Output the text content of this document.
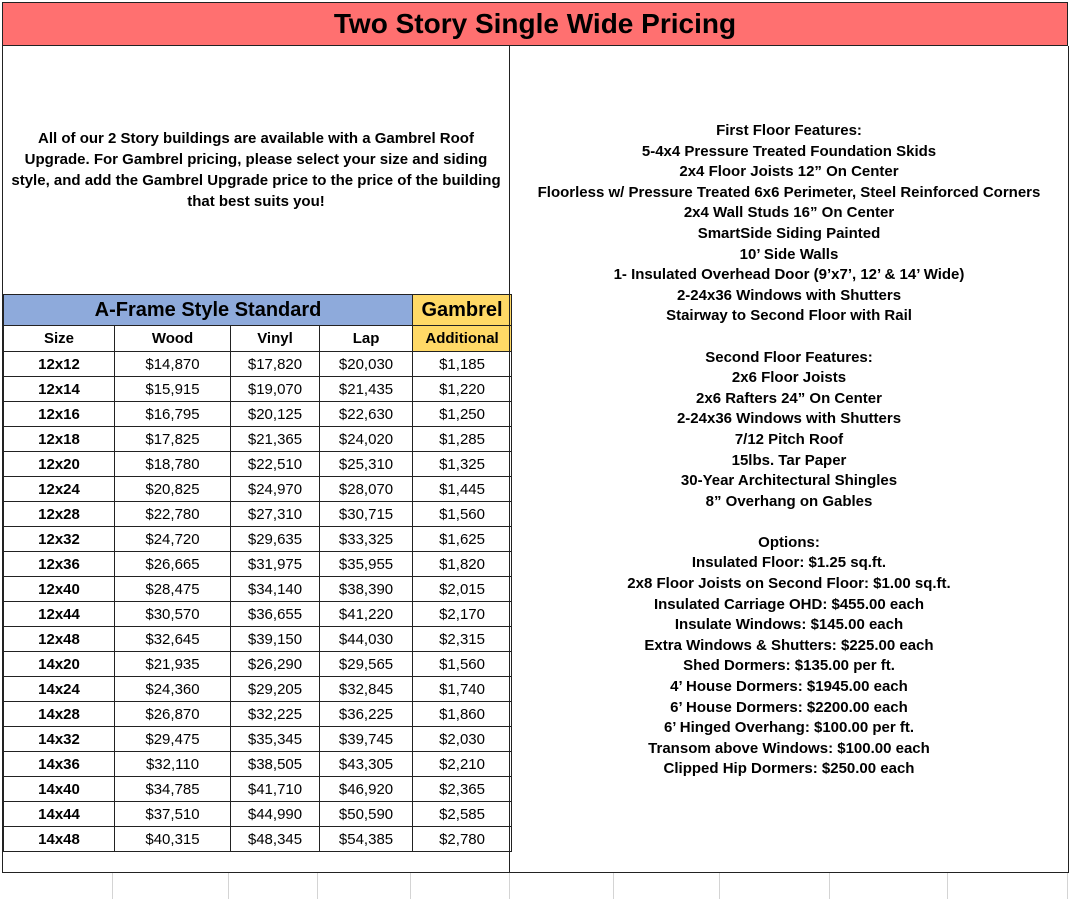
Two Story Single Wide Pricing
All of our 2 Story buildings are available with a Gambrel Roof Upgrade. For Gambrel pricing, please select your size and siding style, and add the Gambrel Upgrade price to the price of the building that best suits you!
A-Frame Style Standard				Gambrel
Size	Wood	Vinyl	Lap	Additional
12x12	$14,870	$17,820	$20,030	$1,185
12x14	$15,915	$19,070	$21,435	$1,220
12x16	$16,795	$20,125	$22,630	$1,250
12x18	$17,825	$21,365	$24,020	$1,285
12x20	$18,780	$22,510	$25,310	$1,325
12x24	$20,825	$24,970	$28,070	$1,445
12x28	$22,780	$27,310	$30,715	$1,560
12x32	$24,720	$29,635	$33,325	$1,625
12x36	$26,665	$31,975	$35,955	$1,820
12x40	$28,475	$34,140	$38,390	$2,015
12x44	$30,570	$36,655	$41,220	$2,170
12x48	$32,645	$39,150	$44,030	$2,315
14x20	$21,935	$26,290	$29,565	$1,560
14x24	$24,360	$29,205	$32,845	$1,740
14x28	$26,870	$32,225	$36,225	$1,860
14x32	$29,475	$35,345	$39,745	$2,030
14x36	$32,110	$38,505	$43,305	$2,210
14x40	$34,785	$41,710	$46,920	$2,365
14x44	$37,510	$44,990	$50,590	$2,585
14x48	$40,315	$48,345	$54,385	$2,780
First Floor Features:
5-4x4 Pressure Treated Foundation Skids
2x4 Floor Joists 12” On Center
Floorless w/ Pressure Treated 6x6 Perimeter, Steel Reinforced Corners
2x4 Wall Studs 16” On Center
SmartSide Siding Painted
10’ Side Walls
1- Insulated Overhead Door (9’x7’, 12’ & 14’ Wide)
2-24x36 Windows with Shutters
Stairway to Second Floor with Rail
Second Floor Features:
2x6 Floor Joists
2x6 Rafters 24” On Center
2-24x36 Windows with Shutters
7/12 Pitch Roof
15lbs. Tar Paper
30-Year Architectural Shingles
8” Overhang on Gables
Options:
Insulated Floor: $1.25 sq.ft.
2x8 Floor Joists on Second Floor: $1.00 sq.ft.
Insulated Carriage OHD: $455.00 each
Insulate Windows: $145.00 each
Extra Windows & Shutters: $225.00 each
Shed Dormers: $135.00 per ft.
4’ House Dormers: $1945.00 each
6’ House Dormers: $2200.00 each
6’ Hinged Overhang: $100.00 per ft.
Transom above Windows: $100.00 each
Clipped Hip Dormers: $250.00 each
